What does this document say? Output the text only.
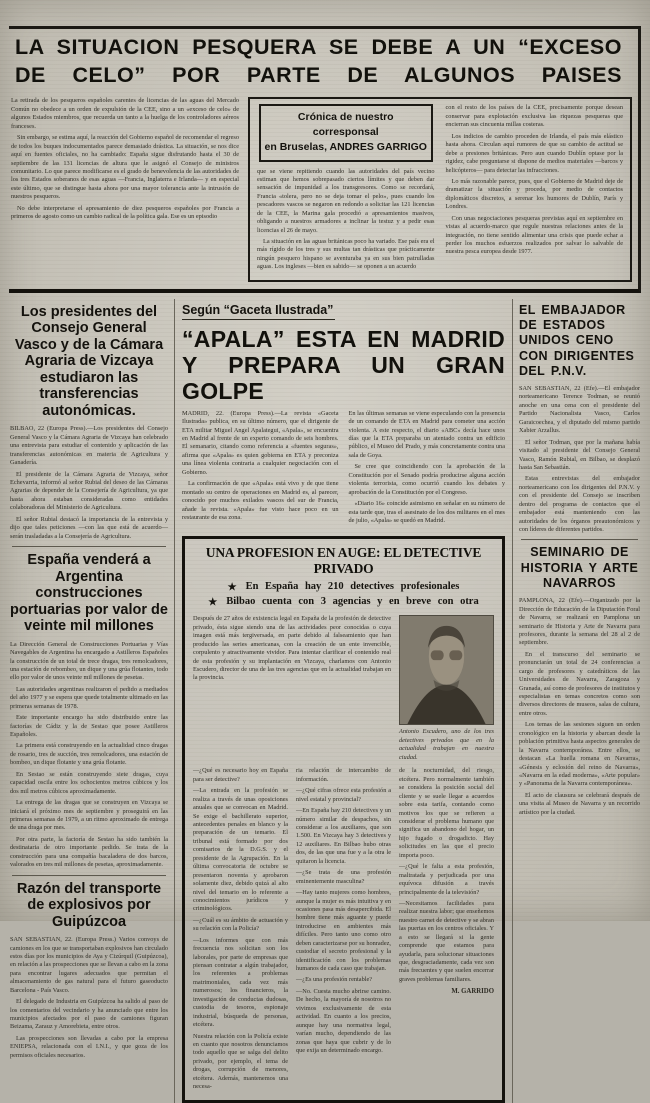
LA SITUACION PESQUERA SE DEBE A UN “EXCESO
DE CELO” POR PARTE DE ALGUNOS PAISES

La retirada de los pesqueros españoles carentes de licencias de las aguas del Mercado Común no obedece a un orden de expulsión de la CEE, sino a un «exceso de celo» de algunos Estados miembros, que recuerda un tanto a la huelga de los controladores aéreos franceses.

Sin embargo, se estima aquí, la reacción del Gobierno español de recomendar el regreso de todos los buques indocumentados parece demasiado drástica. La situación, se nos dice aquí en fuentes oficiales, no ha cambiado: España sigue disfrutando hasta el 30 de septiembre de las 131 licencias de altura que le asignó el Consejo de ministros comunitario. Lo que parece modificarse es el grado de benevolencia de las autoridades de los tres Estados soberanos de esas aguas —Francia, Inglaterra e Irlanda— y en especial este último, que se distingue hasta ahora por una mayor tolerancia ante la intrusión de nuestros pesqueros.

No debe interpretarse el apresamiento de diez pesqueros españoles por Francia a primeros de agosto como un cambio radical de la política gala. Ese es un episodio

Crónica de nuestro corresponsal
en Bruselas, ANDRES GARRIGO

que se viene repitiendo cuando las autoridades del país vecino estiman que hemos sobrepasado ciertos límites y que deben dar sensación de impunidad a los transgresores. Como se recordará, Francia «tolera, pero no se deja tomar el pelo», pues cuando los pescadores vascos se negaron en redondo a solicitar las 121 licencias de la CEE, la Marina gala procedió a apresamientos masivos, obligando a nuestros armadores a inclinar la testuz y a pedir esas licencias el 26 de mayo.

La situación en las aguas británicas poco ha variado. Ese país era el más rígido de los tres y sus multas tan drásticas que prácticamente ningún pesquero hispano se aventuraba ya en sus bien patrulladas aguas. Los ingleses —bien es sabido— se oponen a un acuerdo

con el resto de los países de la CEE, precisamente porque desean conservar para explotación exclusiva las riquezas pesqueras que encierran sus cincuenta millas costeras.

Los indicios de cambio proceden de Irlanda, el país más elástico hasta ahora. Circulan aquí rumores de que su cambio de actitud se debe a presiones británicas. Pero aun cuando Dublín optase por la rigidez, cabe preguntarse si dispone de medios materiales —barcos y helicópteros— para detectar las infracciones.

Lo más razonable parece, pues, que el Gobierno de Madrid deje de dramatizar la situación y proceda, por medio de contactos diplomáticos discretos, a serenar los humores de Dublín, París y Londres.

Con unas negociaciones pesqueras previstas aquí en septiembre en vistas al acuerdo-marco que regule nuestras relaciones antes de la integración, no tiene sentido alimentar una crisis que puede echar a perder los muchos esfuerzos realizados por salvar lo salvable de nuestra pesca europea desde 1977.

Los presidentes del Consejo General Vasco y de la Cámara Agraria de Vizcaya estudiaron las transferencias autonómicas.

BILBAO, 22 (Europa Press).—Los presidentes del Consejo General Vasco y la Cámara Agraria de Vizcaya han celebrado una entrevista para estudiar el contenido y aplicación de las transferencias autonómicas en materia de Agricultura y Ganadería.

El presidente de la Cámara Agraria de Vizcaya, señor Echevarria, informó al señor Rubial del deseo de las Cámaras Agrarias de depender de la Consejería de Agricultura, ya que hasta ahora estaban consideradas como entidades colaboradoras del Ministerio de Agricultura.

El señor Rubial destacó la importancia de la entrevista y dijo que tales peticiones —con las que está de acuerdo— serán trasladadas a la Consejería de Agricultura.

España venderá a Argentina construcciones portuarias por valor de veinte mil millones

La Dirección General de Construcciones Portuarias y Vías Navegables de Argentina ha encargado a Astilleros Españoles la construcción de un total de trece dragas, tres remolcadores, una estación de rebombeo, un dique y una grúa flotantes, todo ello por valor de unos veinte mil millones de pesetas.

Las autoridades argentinas realizaron el pedido a mediados del año 1977 y se espera que quede totalmente ultimado en las primeras semanas de 1978.

Este importante encargo ha sido distribuido entre las factorías de Cádiz y la de Sestao que posee Astilleros Españoles.

La primera está construyendo en la actualidad cinco dragas de rosario, tres de succión, tres remolcadores, una estación de bombeo, un dique flotante y una grúa flotante.

En Sestao se están construyendo siete dragas, cuya capacidad oscila entre los ochocientos metros cúbicos y los dos mil metros cúbicos aproximadamente.

La entrega de las dragas que se construyen en Vizcaya se iniciará el próximo mes de septiembre y proseguirá en las primeras semanas de 1979, a un ritmo aproximado de entrega de una draga por mes.

Por otra parte, la factoría de Sestao ha sido también la destinataria de otro importante pedido. Se trata de la construcción para una compañía bacaladera de dos barcos, valorados en tres mil millones de pesetas, aproximadamente.

Razón del transporte de explosivos por Guipúzcoa

SAN SEBASTIAN, 22. (Europa Press.) Varios convoys de camiones en los que se transportaban explosivos han circulado estos días por los municipios de Aya y Cizúrquil (Guipúzcoa), en relación a las prospecciones que se llevan a cabo en la zona para encontrar lugares adecuados que permitan el almacenamiento de gas natural para el futuro gaseoducto Barcelona - País Vasco.

El delegado de Industria en Guipúzcoa ha salido al paso de los comentarios del vecindario y ha anunciado que entre los municipios afectados por el paso de camiones figuran Beizama, Zarauz y Amorebieta, entre otros.

Las prospecciones son llevadas a cabo por la empresa ENIEPSA, relacionada con el I.N.I., y que goza de los permisos oficiales necesarios.

Según “Gaceta Ilustrada”
“APALA” ESTA EN MADRID
Y PREPARA UN GRAN GOLPE

MADRID, 22. (Europa Press).—La revista «Gaceta Ilustrada» publica, en su último número, que el dirigente de ETA militar Miguel Angel Apalategui, «Apala», se encuentra en Madrid al frente de un experto comando de seis hombres. El semanario, citando como referencia a «fuentes seguras», afirma que «Apala» es quien gobierna en ETA y preconiza una línea violenta contraria a cualquier negociación con el Gobierno.

La confirmación de que «Apala» está vivo y de que tiene montado su centro de operaciones en Madrid es, al parecer, conocido por muchos exilados vascos del sur de Francia, añade la revista. «Apala» fue visto hace poco en un restaurante de esa zona.

En las últimas semanas se viene especulando con la presencia de un comando de ETA en Madrid para cometer una acción violenta. A este respecto, el diario «ABC» decía hace unos días que la ETA preparaba un atentado contra un edificio público, el Museo del Prado, y más concretamente contra una sala de Goya.

Se cree que coincidiendo con la aprobación de la Constitución por el Senado podría producirse alguna acción violenta terrorista, como ocurrió cuando los debates y aprobación de la Constitución por el Congreso.

«Diario 16» coincide asimismo en señalar en su número de esta tarde que, tras el asesinato de los dos militares en el mes de julio, «Apala» se quedó en Madrid.

UNA PROFESION EN AUGE: EL DETECTIVE PRIVADO
★ En España hay 210 detectives profesionales
★ Bilbao cuenta con 3 agencias y en breve con otra

Después de 27 años de existencia legal en España de la profesión de detective privado, ésta sigue siendo una de las actividades peor conocidas o cuya imagen está más tergiversada, en parte debido al falseamiento que han producido las series americanas, con la creación de un ente invencible, corpulento y atractivamente vividor. Para intentar clarificar el contenido real de esta profesión y su implantación en Vizcaya, charlamos con Antonio Escudero, director de una de las tres agencias que en la actualidad trabajan en la provincia.

Antonio Escudero, uno de los tres detectives privados que en la actualidad trabajan en nuestra ciudad.

—¿Qué es necesario hoy en España para ser detective?

—La entrada en la profesión se realiza a través de unas oposiciones anuales que se convocan en Madrid. Se exige el bachillerato superior, antecedentes penales en blanco y la preparación de un temario. El tribunal está formado por dos comisarios de la D.G.S. y el presidente de la Agrupación. En la última convocatoria de octubre se presentaron noventa y aprobaron solamente diez, debido quizá al alto nivel del temario en lo referente a conocimientos jurídicos y criminológicos.

—¿Cuál es su ámbito de actuación y su relación con la Policía?

—Los informes que con más frecuencia nos solicitan son los laborales, por parte de empresas que piensan contratar a algún trabajador, los referentes a problemas matrimoniales, cada vez más numerosos; los financieros, la investigación de conductas dudosas, custodia de tesoros, espionaje industrial, búsqueda de personas, etcétera.

Nuestra relación con la Policía existe en cuanto que nosotros denunciamos todo aquello que se salga del delito privado, por ejemplo, el tema de drogas, corrupción de menores, etcétera. Además, mantenemos una necesa-

ria relación de intercambio de información.

—¿Qué cifras ofrece esta profesión a nivel estatal y provincial?

—En España hay 210 detectives y un número similar de despachos, sin considerar a los auxiliares, que son 1.500. En Vizcaya hay 3 detectives y 12 auxiliares. En Bilbao hubo otras dos, de las que una fue y a la otra le quitaron la licencia.

—¿Se trata de una profesión eminentemente masculina?

—Hay tanto mujeres como hombres, aunque la mujer es más intuitiva y en ocasiones pasa más desapercibida. El hombre tiene más aguante y puede introducirse en ambientes más difíciles. Pero tanto uno como otro deben caracterizarse por su honradez, custodiar el secreto profesional y la identificación con los problemas humanos de cada caso que trabajan.

—¿Es una profesión rentable?

—No. Cuesta mucho abrirse camino. De hecho, la mayoría de nosotros no vivimos exclusivamente de esta actividad. En cuanto a los precios, aunque hay una normativa legal, varían mucho, dependiendo de las zonas que haya que cubrir y de lo que exija un determinado encargo.

de la nocturnidad, del riesgo, etcétera. Pero normalmente también se considera la posición social del cliente y se suele llegar a acuerdos sobre esta tarifa, contando como motivos los que se refieren a considerar el problema humano que significa un abandono del hogar, un hijo fugado o drogadicto. Hay solicitudes en las que el precio importa poco.

—¿Qué le falta a esta profesión, maltratada y perjudicada por una equívoca difusión a través principalmente de la televisión?

—Necesitamos facilidades para realizar nuestra labor; que enseñemos nuestro carnet de detective y se abran las puertas en los centros oficiales. Y a esto se llegará si la gente comprende que estamos para ayudarla, para solucionar situaciones que, desgraciadamente, cada vez son más frecuentes y que suelen encerrar graves problemas familiares.

M. GARRIDO

EL EMBAJADOR DE ESTADOS UNIDOS CENO CON DIRIGENTES DEL P.N.V.

SAN SEBASTIAN, 22 (Efe).—El embajador norteamericano Terence Todman, se reunió anoche en una cena con el presidente del Partido Nacionalista Vasco, Carlos Garaicoechea, y el diputado del mismo partido Xabier Arzallus.

El señor Todman, que por la mañana había visitado al presidente del Consejo General Vasco, Ramón Rubial, en Bilbao, se desplazó hasta San Sebastián.

Estas entrevistas del embajador norteamericano con los dirigentes del P.N.V. y con el presidente del Consejo se inscriben dentro del programa de contactos que el embajador está manteniendo con las autoridades de los órganos preautonómicos y con líderes de diferentes partidos.

SEMINARIO DE HISTORIA Y ARTE NAVARROS

PAMPLONA, 22 (Efe).—Organizado por la Dirección de Educación de la Diputación Foral de Navarra, se realizará en Pamplona un seminario de Historia y Arte de Navarra para profesores, durante la semana del 28 al 2 de septiembre.

En el transcurso del seminario se pronunciarán un total de 24 conferencias a cargo de profesores y catedráticos de las Universidades de Navarra, Zaragoza y Granada, así como de profesores de institutos y especialistas en temas concretos como son diversos directores de museos, salas de cultura, entre otros.

Los temas de las sesiones siguen un orden cronológico en la historia y abarcan desde la población primitiva hasta aspectos generales de la Navarra contemporánea. Entre ellos, se destacan «La huella romana en Navarra», «Génesis y eclosión del reino de Navarra», «Navarra en la edad moderna», «Arte popular» y «Panorama de la Navarra contemporánea».

El acto de clausura se celebrará después de una visita al Museo de Navarra y un recorrido artístico por la ciudad.
